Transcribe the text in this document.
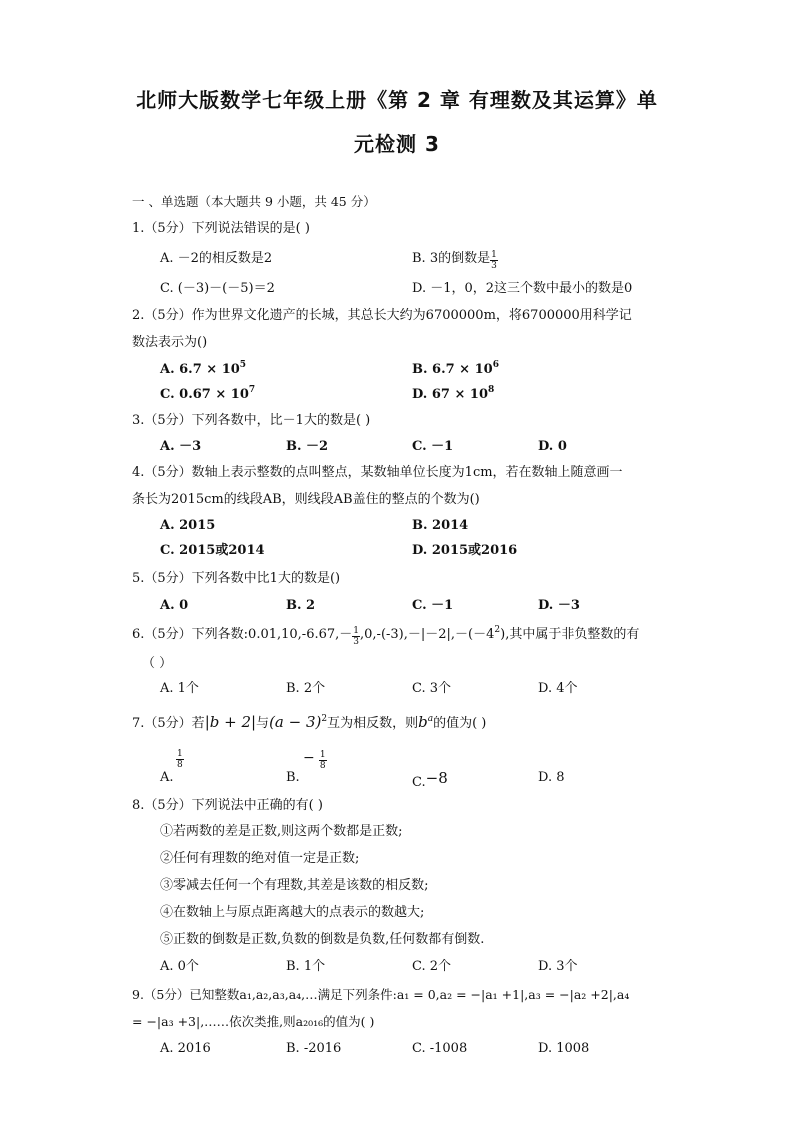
北师大版数学七年级上册《第 2 章 有理数及其运算》单
元检测 3
一 、单选题（本大题共 9 小题，共 45 分）
1.（5分）下列说法错误的是( )
A. －2的相反数是2	B. 3的倒数是 $\frac{1}{3}$
C. (－3)－(－5)＝2	D. －1，0，2这三个数中最小的数是0
2.（5分）作为世界文化遗产的长城，其总长大约为6700000m，将6700000用科学记
数法表示为()
A. $6.7 \times 10^5$	B. $6.7 \times 10^6$
C. $0.67 \times 10^7$	D. $67 \times 10^8$
3.（5分）下列各数中，比－1大的数是( )
A. －3	B. －2	C. －1	D. 0
4.（5分）数轴上表示整数的点叫整点，某数轴单位长度为1cm，若在数轴上随意画一
条长为2015cm的线段AB，则线段AB盖住的整点的个数为()
A. 2015	B. 2014
C. 2015或2014	D. 2015或2016
5.（5分）下列各数中比1大的数是()
A. 0	B. 2	C. －1	D. －3
6.（5分）下列各数:0.01,10,-6.67,－ $\frac{1}{3} ,0,-(-3),-|-2|,-(-4^2)$,其中属于非负整数的有
（ ）
A. 1个	B. 2个	C. 3个	D. 4个
7.（5分）若|b + 2|与$(a - 3)^2$互为相反数，则$b^a$的值为( )
A.
$\frac{1}{8}$
B.
− $\frac{1}{8}$
C.−8	D. 8
8.（5分）下列说法中正确的有( )
①若两数的差是正数,则这两个数都是正数;
②任何有理数的绝对值一定是正数;
③零减去任何一个有理数,其差是该数的相反数;
④在数轴上与原点距离越大的点表示的数越大;
⑤正数的倒数是正数,负数的倒数是负数,任何数都有倒数.
A. 0个	B. 1个	C. 2个	D. 3个
9.（5分）已知整数a₁,a₂,a₃,a₄,…满足下列条件:a₁ = 0,a₂ = −|a₁ +1|,a₃ = −|a₂ +2|,a₄
= −|a₃ +3|,……依次类推,则a₂₀₁₆的值为( )
A. 2016	B. -2016	C. -1008	D. 1008
